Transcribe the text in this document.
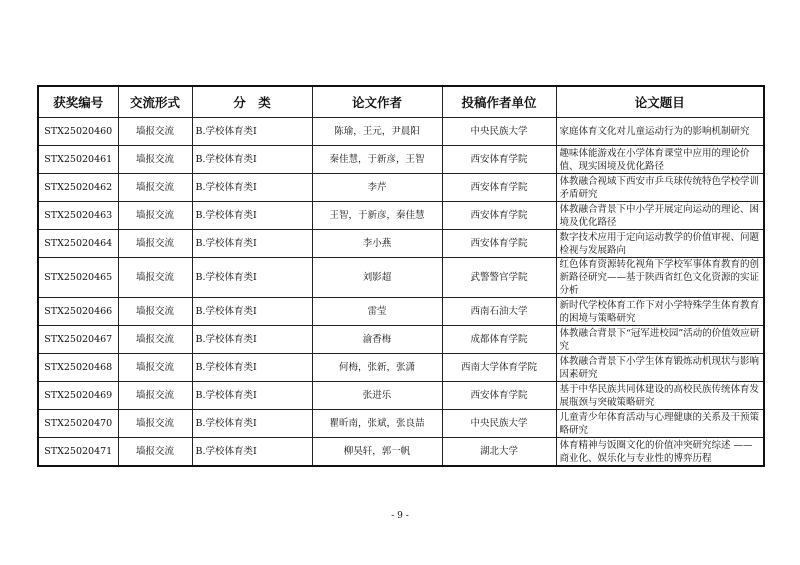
获奖编号	交流形式	分　类	论文作者	投稿作者单位	论文题目
STX25020460	墙报交流	B.学校体育类Ⅰ	陈瑜，王元，尹晨阳	中央民族大学	家庭体育文化对儿童运动行为的影响机制研究
STX25020461	墙报交流	B.学校体育类Ⅰ	秦佳慧，于新彦，王智	西安体育学院	趣味体能游戏在小学体育课堂中应用的理论价值、现实困境及优化路径
STX25020462	墙报交流	B.学校体育类Ⅰ	李芹	西安体育学院	体教融合视域下西安市乒乓球传统特色学校学训矛盾研究
STX25020463	墙报交流	B.学校体育类Ⅰ	王智，于新彦，秦佳慧	西安体育学院	体教融合背景下中小学开展定向运动的理论、困境及优化路径
STX25020464	墙报交流	B.学校体育类Ⅰ	李小燕	西安体育学院	数字技术应用于定向运动教学的价值审视、问题检视与发展路向
STX25020465	墙报交流	B.学校体育类Ⅰ	刘影超	武警警官学院	红色体育资源转化视角下学校军事体育教育的创新路径研究——基于陕西省红色文化资源的实证分析
STX25020466	墙报交流	B.学校体育类Ⅰ	雷莹	西南石油大学	新时代学校体育工作下对小学特殊学生体育教育的困境与策略研究
STX25020467	墙报交流	B.学校体育类Ⅰ	渝香梅	成都体育学院	体教融合背景下“冠军进校园”活动的价值效应研究
STX25020468	墙报交流	B.学校体育类Ⅰ	何梅，张新，张潇	西南大学体育学院	体教融合背景下小学生体育锻炼动机现状与影响因素研究
STX25020469	墙报交流	B.学校体育类Ⅰ	张进乐	西安体育学院	基于中华民族共同体建设的高校民族传统体育发展瓶颈与突破策略研究
STX25020470	墙报交流	B.学校体育类Ⅰ	瞿昕南，张斌，张良喆	中央民族大学	儿童青少年体育活动与心理健康的关系及干预策略研究
STX25020471	墙报交流	B.学校体育类Ⅰ	柳昊轩，郭一帆	湖北大学	体育精神与饭圈文化的价值冲突研究综述 —— 商业化、娱乐化与专业性的博弈历程
- 9 -
